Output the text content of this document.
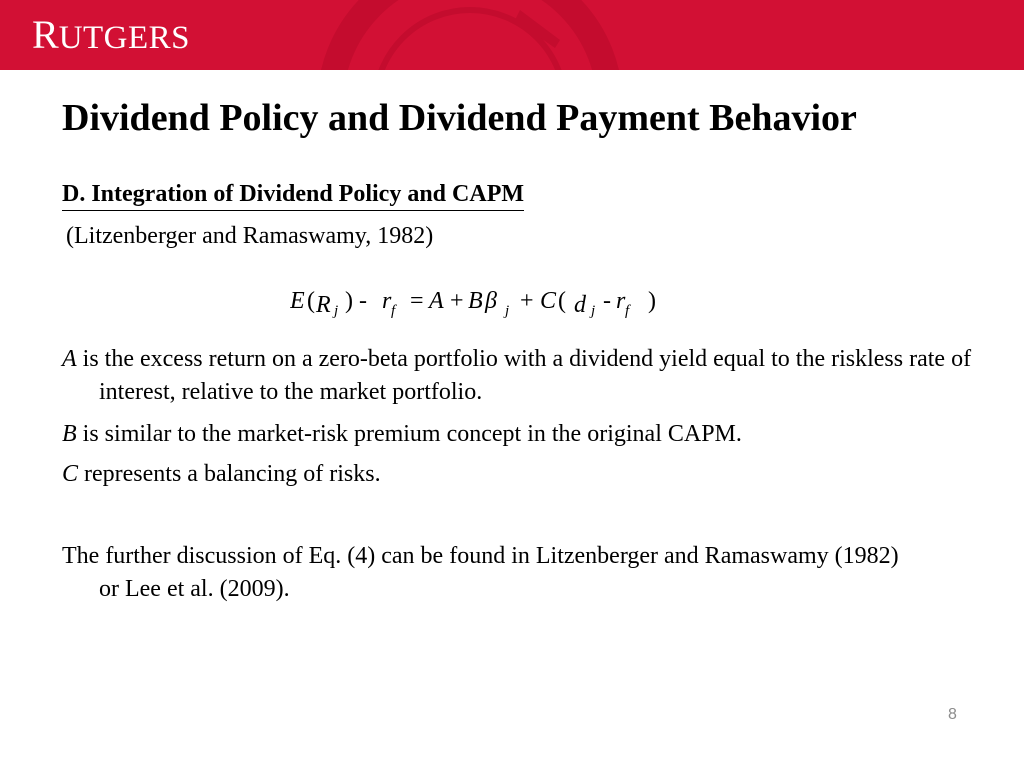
RUTGERS
Dividend Policy and Dividend Payment Behavior
D. Integration of Dividend Policy and CAPM
(Litzenberger and Ramaswamy, 1982)
E ( R j ) - r f = A + B β j + C ( d j - r f )
A is the excess return on a zero-beta portfolio with a dividend yield equal to the riskless rate of interest, relative to the market portfolio.
B is similar to the market-risk premium concept in the original CAPM.
C represents a balancing of risks.
The further discussion of Eq. (4) can be found in Litzenberger and Ramaswamy (1982) or Lee et al. (2009).
8
